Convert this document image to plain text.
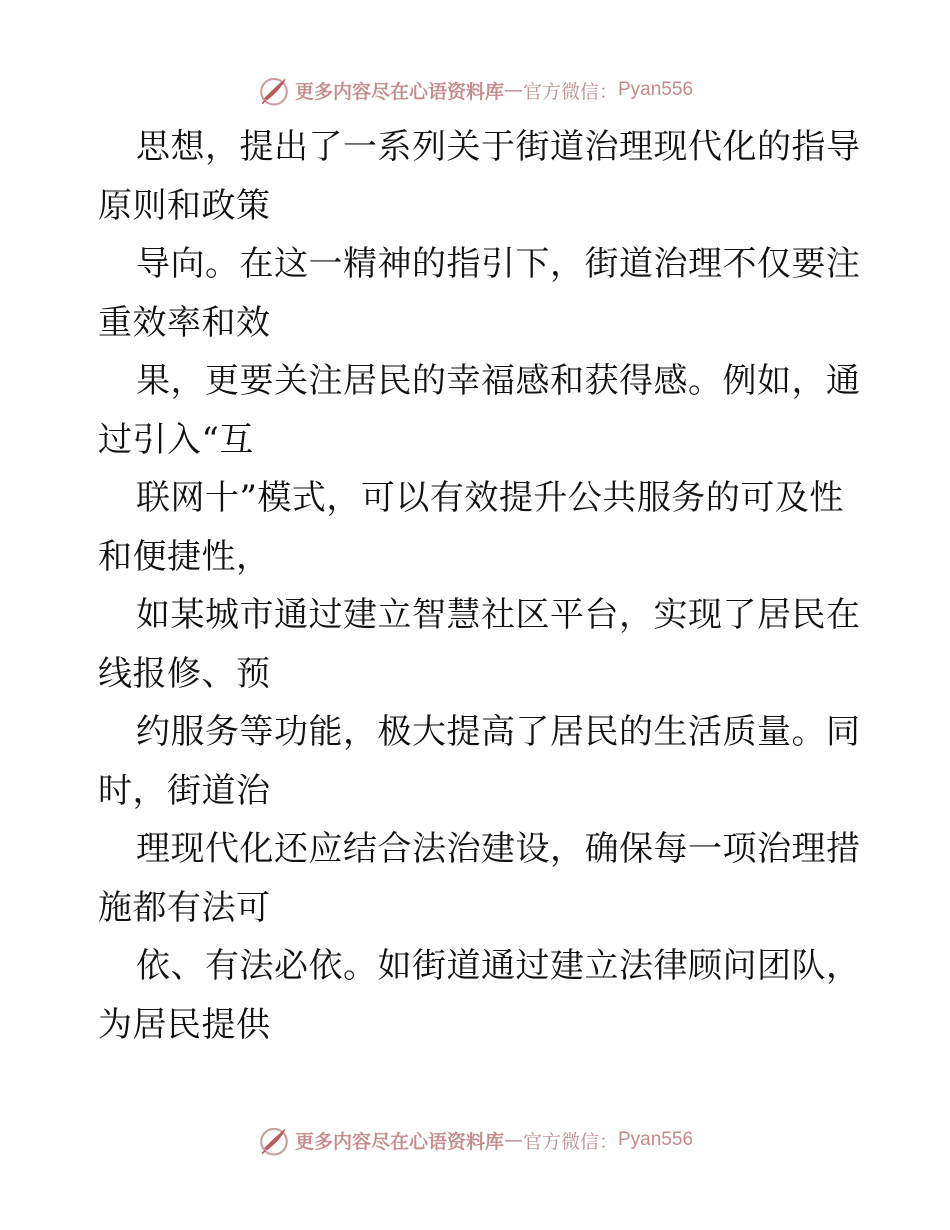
更多内容尽在心语资料库 — 官方微信： Pyan556
思想，提出了一系列关于街道治理现代化的指导
原则和政策
导向。在这一精神的指引下，街道治理不仅要注
重效率和效
果，更要关注居民的幸福感和获得感。例如，通
过引入“互
联网十”模式，可以有效提升公共服务的可及性
和便捷性，
如某城市通过建立智慧社区平台，实现了居民在
线报修、预
约服务等功能，极大提高了居民的生活质量。同
时，街道治
理现代化还应结合法治建设，确保每一项治理措
施都有法可
依、有法必依。如街道通过建立法律顾问团队，
为居民提供
更多内容尽在心语资料库 — 官方微信： Pyan556
